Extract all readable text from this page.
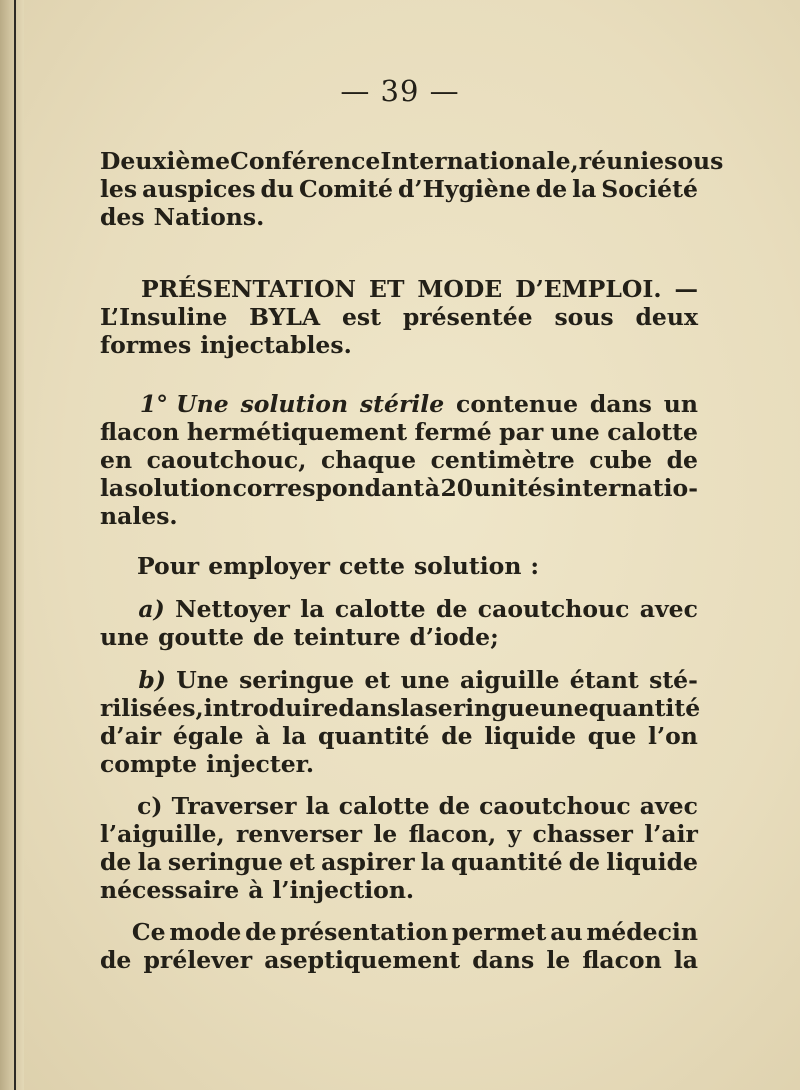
— 39 —
Deuxième Conférence Internationale, réunie sous
les auspices du Comité d’Hygiène de la Société
des Nations.
PRÉSENTATION ET MODE D’EMPLOI. —
L’Insuline BYLA est présentée sous deux
formes injectables.
1° Une solution stérile contenue dans un
flacon hermétiquement fermé par une calotte
en caoutchouc, chaque centimètre cube de
la solution correspondant à 20 unités internatio-
nales.
Pour employer cette solution :
a) Nettoyer la calotte de caoutchouc avec
une goutte de teinture d’iode;
b) Une seringue et une aiguille étant sté-
rilisées, introduire dans la seringue une quantité
d’air égale à la quantité de liquide que l’on
compte injecter.
c) Traverser la calotte de caoutchouc avec
l’aiguille, renverser le flacon, y chasser l’air
de la seringue et aspirer la quantité de liquide
nécessaire à l’injection.
Ce mode de présentation permet au médecin
de prélever aseptiquement dans le flacon la
